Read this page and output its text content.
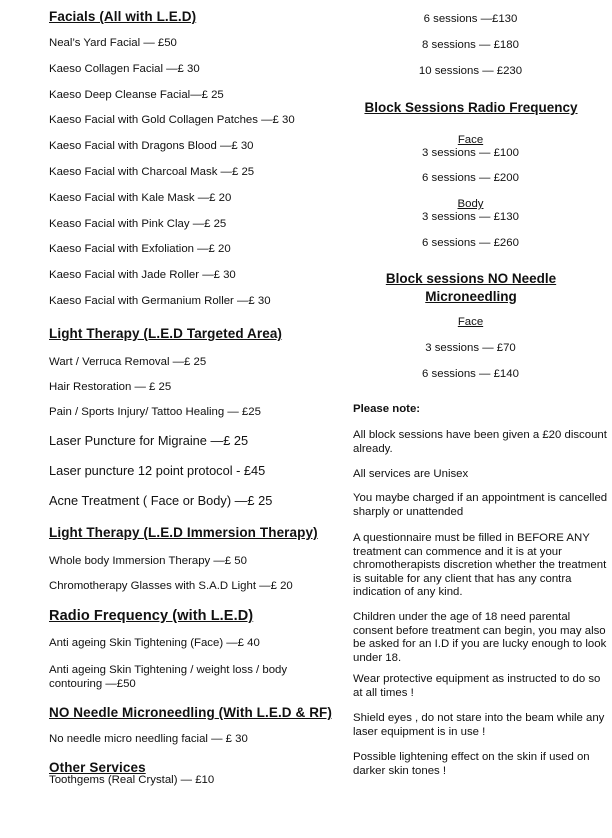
Facials (All with L.E.D)
Neal’s Yard Facial — £50
Kaeso Collagen Facial —£ 30
Kaeso Deep Cleanse Facial—£ 25
Kaeso Facial with Gold Collagen Patches —£ 30
Kaeso Facial with Dragons Blood —£ 30
Kaeso Facial with Charcoal Mask —£ 25
Kaeso Facial with Kale Mask —£ 20
Keaso Facial with Pink Clay —£ 25
Kaeso Facial with Exfoliation —£ 20
Kaeso Facial with Jade Roller —£ 30
Kaeso Facial with Germanium Roller —£ 30
Light Therapy (L.E.D Targeted Area)
Wart / Verruca Removal —£ 25
Hair Restoration — £ 25
Pain / Sports Injury/ Tattoo Healing — £25
Laser Puncture for Migraine —£ 25
Laser puncture 12 point protocol - £45
Acne Treatment ( Face or Body) —£ 25
Light Therapy (L.E.D Immersion Therapy)
Whole body Immersion Therapy —£ 50
Chromotherapy Glasses with S.A.D Light —£ 20
Radio Frequency (with L.E.D)
Anti ageing Skin Tightening (Face) —£ 40
Anti ageing Skin Tightening / weight loss / body contouring —£50
NO Needle Microneedling (With L.E.D & RF)
No needle micro needling facial — £ 30
Other Services
Toothgems (Real Crystal) — £10
6 sessions —£130
8 sessions — £180
10 sessions — £230
Block Sessions Radio Frequency
Face
3 sessions — £100
6 sessions — £200
Body
3 sessions — £130
6 sessions — £260
Block sessions NO Needle Microneedling
Face
3 sessions — £70
6 sessions — £140
Please note:
All block sessions have been given a £20 discount already.
All services are Unisex
You maybe charged if an appointment is cancelled sharply or unattended
A questionnaire must be filled in BEFORE ANY treatment can commence and it is at your chromotherapists discretion whether the treatment is suitable for any client that has any contra indication of any kind.
Children under the age of 18 need parental consent before treatment can begin, you may also be asked for an I.D if you are lucky enough to look under 18.
Wear protective equipment as instructed to do so at all times !
Shield eyes , do not stare into the beam while any laser equipment is in use !
Possible lightening effect on the skin if used on darker skin tones !
